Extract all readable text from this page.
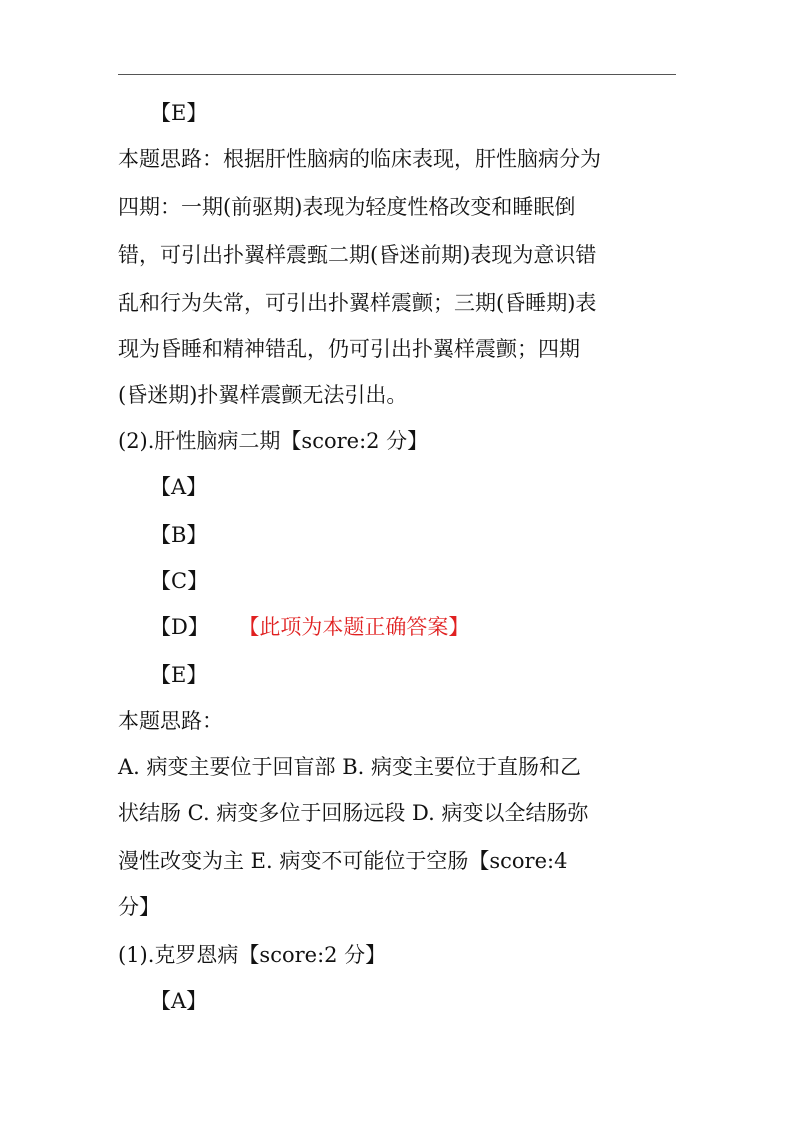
【E】
本题思路：根据肝性脑病的临床表现，肝性脑病分为
四期：一期(前驱期)表现为轻度性格改变和睡眠倒
错，可引出扑翼样震甄二期(昏迷前期)表现为意识错
乱和行为失常，可引出扑翼样震颤；三期(昏睡期)表
现为昏睡和精神错乱，仍可引出扑翼样震颤；四期
(昏迷期)扑翼样震颤无法引出。
(2).肝性脑病二期【score:2 分】
【A】
【B】
【C】
【D】 【此项为本题正确答案】
【E】
本题思路：
A. 病变主要位于回盲部 B. 病变主要位于直肠和乙
状结肠 C. 病变多位于回肠远段 D. 病变以全结肠弥
漫性改变为主 E. 病变不可能位于空肠【score:4
分】
(1).克罗恩病【score:2 分】
【A】
